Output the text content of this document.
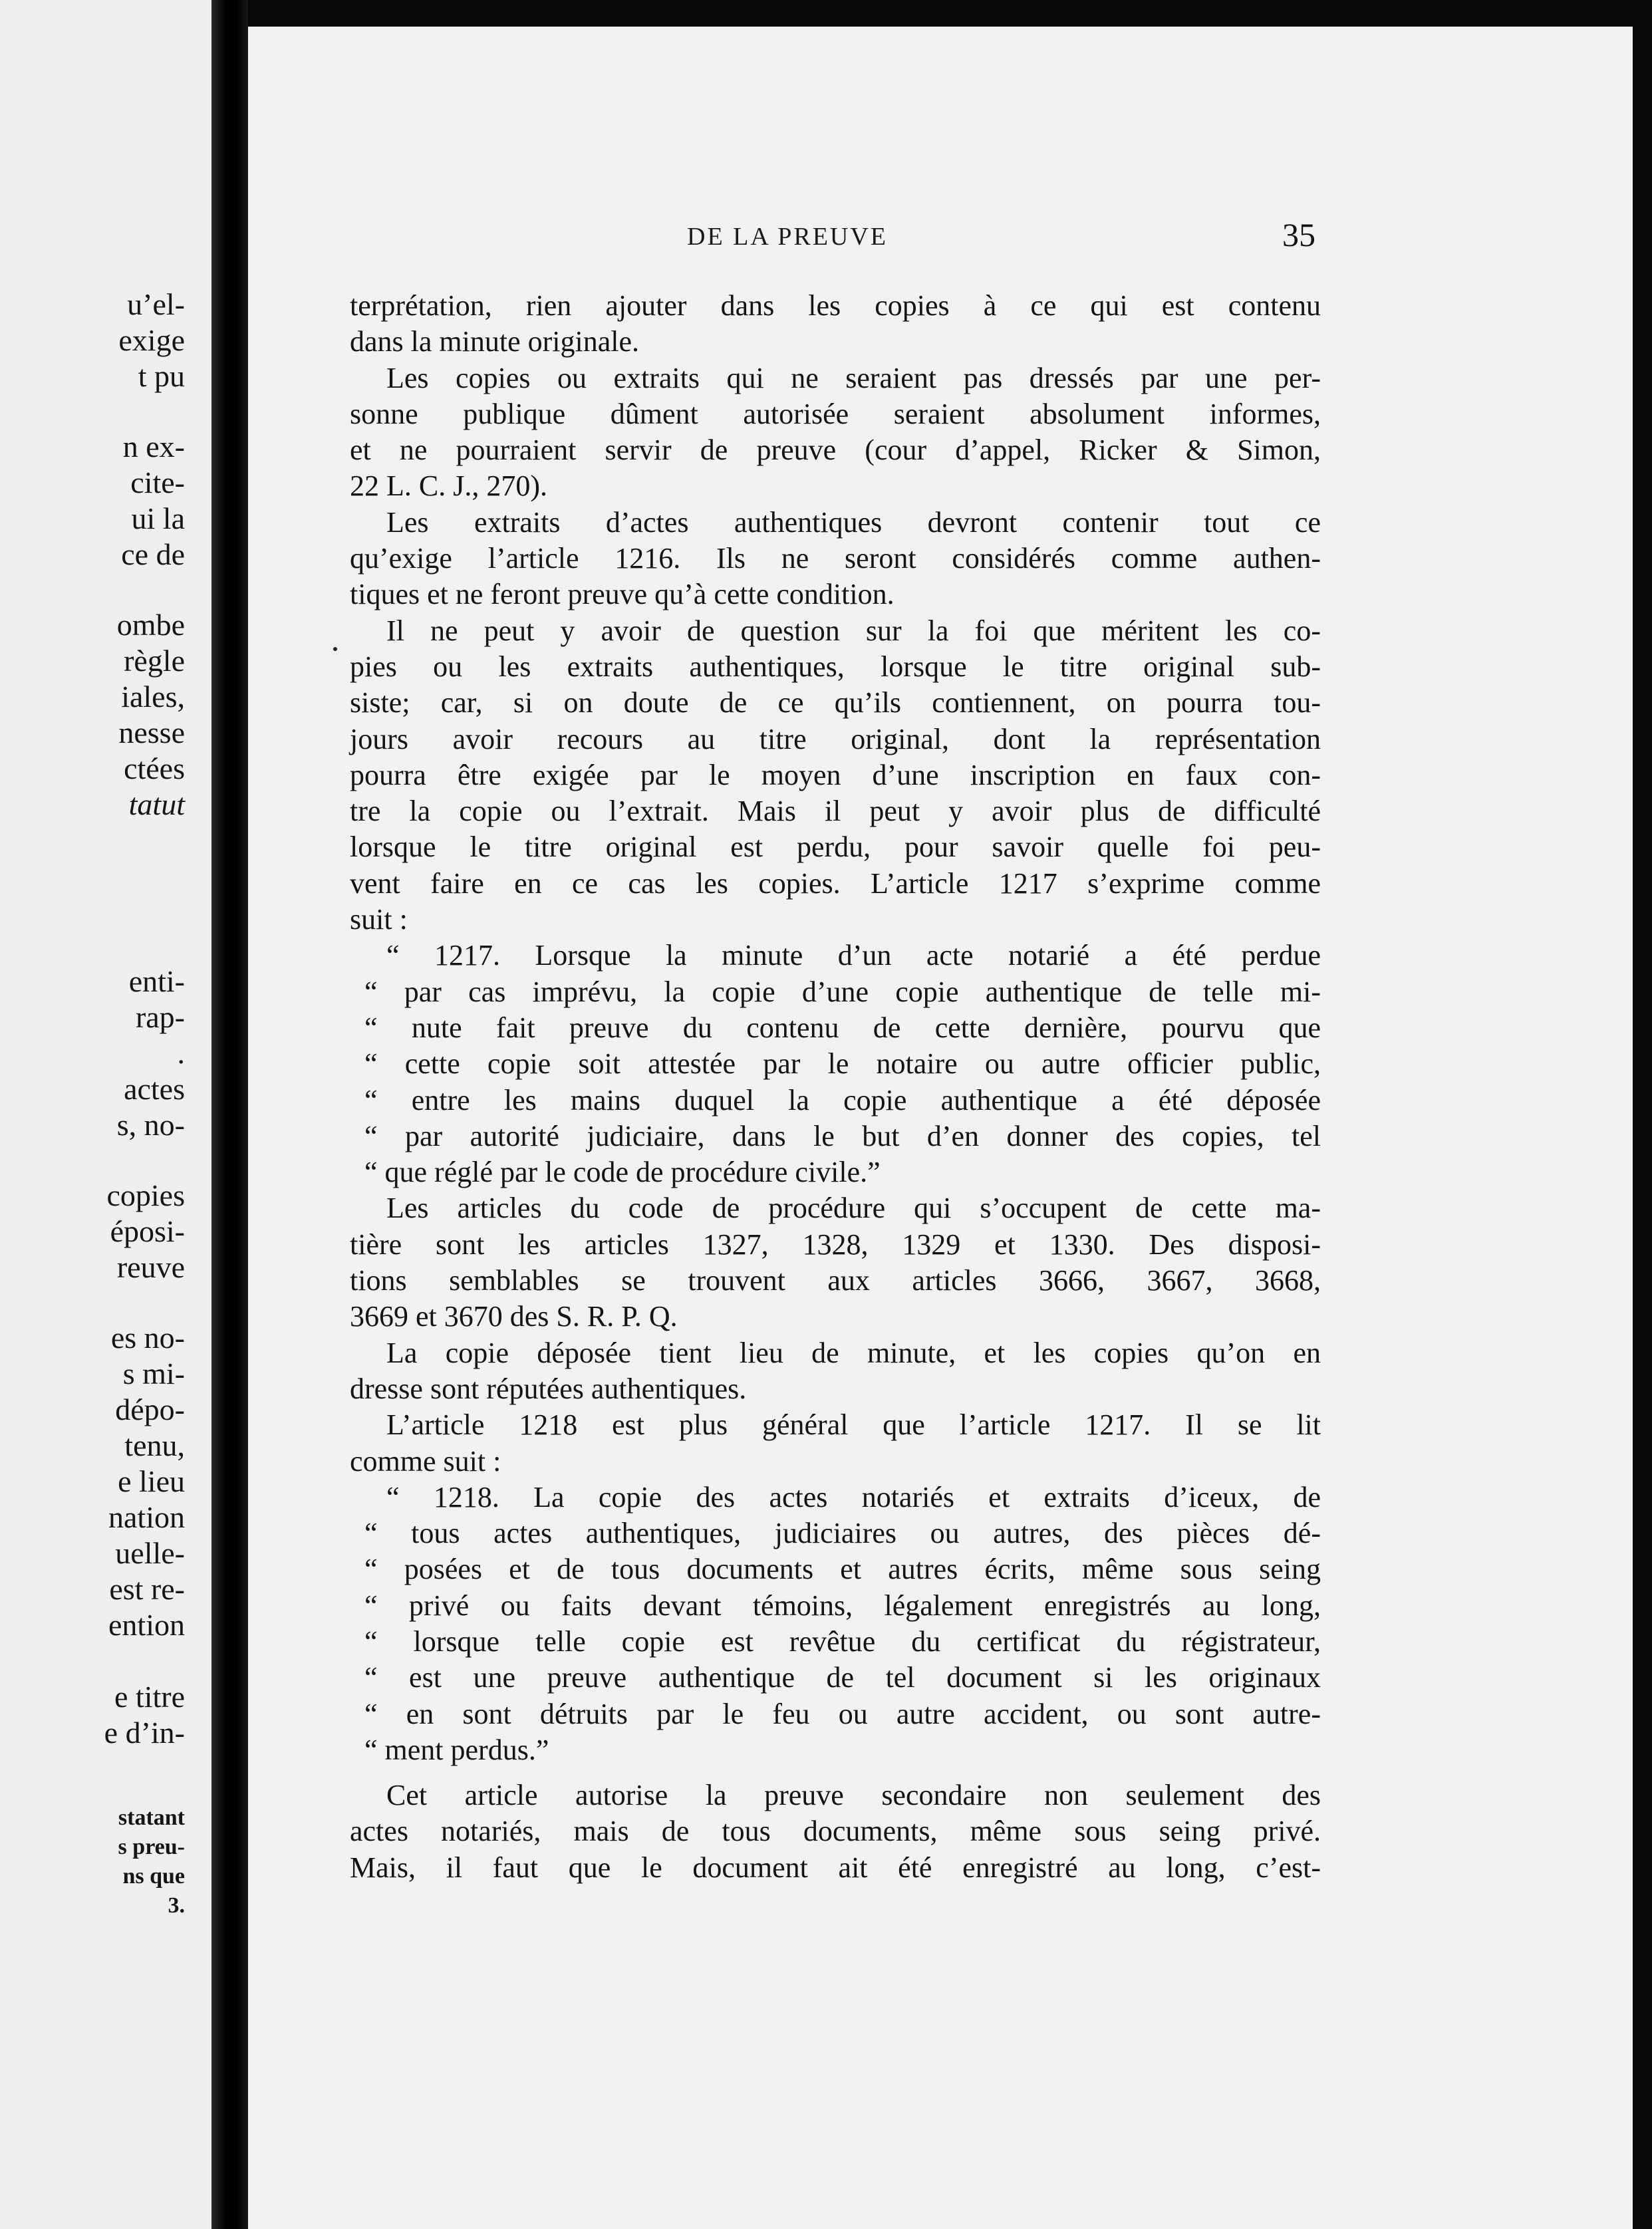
u’el-
exige
t pu
n ex-
cite-
ui la
ce de
ombe
règle
iales,
nesse
ctées
tatut
enti-
rap-
.
actes
s, no-
copies
éposi-
reuve
es no-
s mi-
dépo-
tenu,
e lieu
nation
uelle-
est re-
ention
e titre
e d’in-
statant
s preu-
ns que
3.
DE LA PREUVE	35
terprétation, rien ajouter dans les copies à ce qui est contenu
dans la minute originale.
Les copies ou extraits qui ne seraient pas dressés par une per-
sonne publique dûment autorisée seraient absolument informes,
et ne pourraient servir de preuve (cour d’appel, Ricker & Simon,
22 L. C. J., 270).
Les extraits d’actes authentiques devront contenir tout ce
qu’exige l’article 1216. Ils ne seront considérés comme authen-
tiques et ne feront preuve qu’à cette condition.
Il ne peut y avoir de question sur la foi que méritent les co-
pies ou les extraits authentiques, lorsque le titre original sub-
siste; car, si on doute de ce qu’ils contiennent, on pourra tou-
jours avoir recours au titre original, dont la représentation
pourra être exigée par le moyen d’une inscription en faux con-
tre la copie ou l’extrait. Mais il peut y avoir plus de difficulté
lorsque le titre original est perdu, pour savoir quelle foi peu-
vent faire en ce cas les copies. L’article 1217 s’exprime comme
suit :
“ 1217. Lorsque la minute d’un acte notarié a été perdue
“ par cas imprévu, la copie d’une copie authentique de telle mi-
“ nute fait preuve du contenu de cette dernière, pourvu que
“ cette copie soit attestée par le notaire ou autre officier public,
“ entre les mains duquel la copie authentique a été déposée
“ par autorité judiciaire, dans le but d’en donner des copies, tel
“ que réglé par le code de procédure civile.”
Les articles du code de procédure qui s’occupent de cette ma-
tière sont les articles 1327, 1328, 1329 et 1330. Des disposi-
tions semblables se trouvent aux articles 3666, 3667, 3668,
3669 et 3670 des S. R. P. Q.
La copie déposée tient lieu de minute, et les copies qu’on en
dresse sont réputées authentiques.
L’article 1218 est plus général que l’article 1217. Il se lit
comme suit :
“ 1218. La copie des actes notariés et extraits d’iceux, de
“ tous actes authentiques, judiciaires ou autres, des pièces dé-
“ posées et de tous documents et autres écrits, même sous seing
“ privé ou faits devant témoins, légalement enregistrés au long,
“ lorsque telle copie est revêtue du certificat du régistrateur,
“ est une preuve authentique de tel document si les originaux
“ en sont détruits par le feu ou autre accident, ou sont autre-
“ ment perdus.”
Cet article autorise la preuve secondaire non seulement des
actes notariés, mais de tous documents, même sous seing privé.
Mais, il faut que le document ait été enregistré au long, c’est-
